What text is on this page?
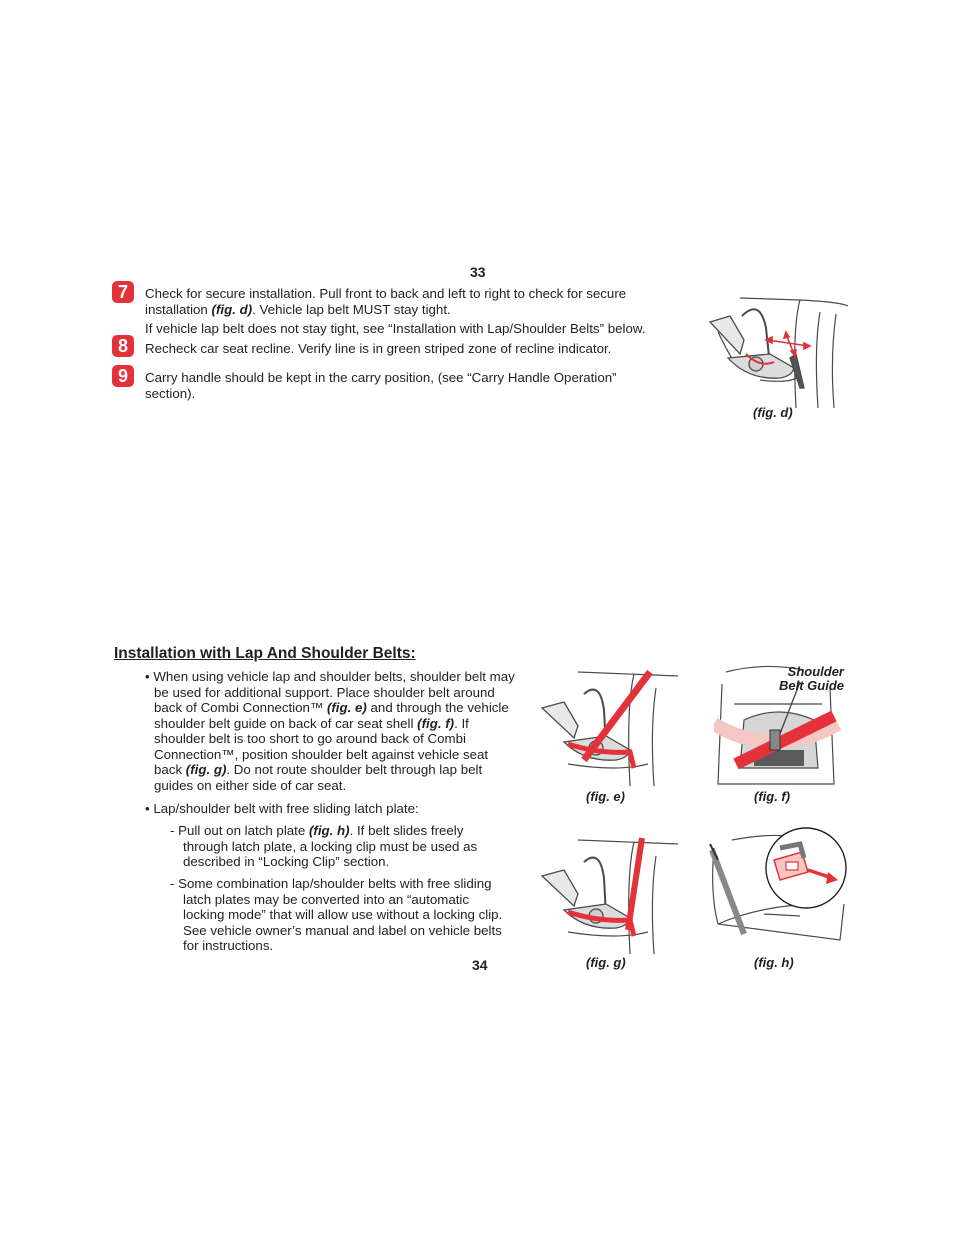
33
7	Check for secure installation. Pull front to back and left to right to check for secure
installation (fig. d). Vehicle lap belt MUST stay tight.
If vehicle lap belt does not stay tight, see “Installation with Lap/Shoulder Belts” below.
8	Recheck car seat recline. Verify line is in green striped zone of recline indicator.
9	Carry handle should be kept in the carry position, (see “Carry Handle Operation”
section).
(fig. d)
Installation with Lap And Shoulder Belts:
• When using vehicle lap and shoulder belts, shoulder belt may
be used for additional support. Place shoulder belt around
back of Combi Connection™ (fig. e) and through the vehicle
shoulder belt guide on back of car seat shell (fig. f). If
shoulder belt is too short to go around back of Combi
Connection™, position shoulder belt against vehicle seat
back (fig. g). Do not route shoulder belt through lap belt
guides on either side of car seat.
• Lap/shoulder belt with free sliding latch plate:
- Pull out on latch plate (fig. h). If belt slides freely
through latch plate, a locking clip must be used as
described in “Locking Clip” section.
- Some combination lap/shoulder belts with free sliding
latch plates may be converted into an “automatic
locking mode” that will allow use without a locking clip.
See vehicle owner’s manual and label on vehicle belts
for instructions.
34
(fig. e)
Shoulder
Belt Guide
(fig. f)
(fig. g)	(fig. h)
